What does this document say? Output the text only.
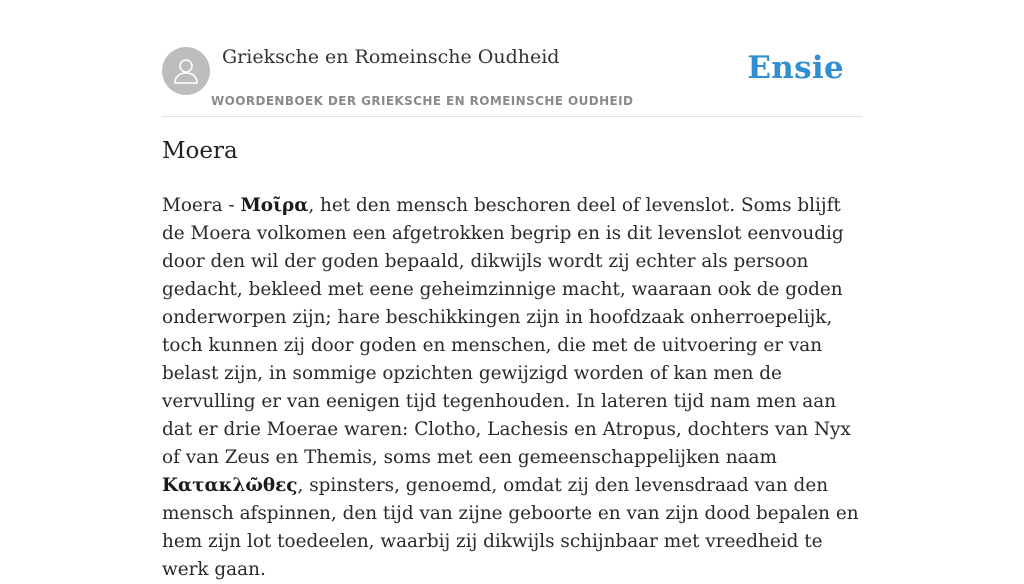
Grieksche en Romeinsche Oudheid
WOORDENBOEK DER GRIEKSCHE EN ROMEINSCHE OUDHEID
Ensie
Moera

Moera - Μοῖρα, het den mensch beschoren deel of levenslot. Soms blijft de Moera volkomen een afgetrokken begrip en is dit levenslot eenvoudig door den wil der goden bepaald, dikwijls wordt zij echter als persoon gedacht, bekleed met eene geheimzinnige macht, waaraan ook de goden onderworpen zijn; hare beschikkingen zijn in hoofdzaak onherroepelijk, toch kunnen zij door goden en menschen, die met de uitvoering er van belast zijn, in sommige opzichten gewijzigd worden of kan men de vervulling er van eenigen tijd tegenhouden. In lateren tijd nam men aan dat er drie Moerae waren: Clotho, Lachesis en Atropus, dochters van Nyx of van Zeus en Themis, soms met een gemeenschappelijken naam Κατακλῶθες, spinsters, genoemd, omdat zij den levensdraad van den mensch afspinnen, den tijd van zijne geboorte en van zijn dood bepalen en hem zijn lot toedeelen, waarbij zij dikwijls schijnbaar met vreedheid te werk gaan.
